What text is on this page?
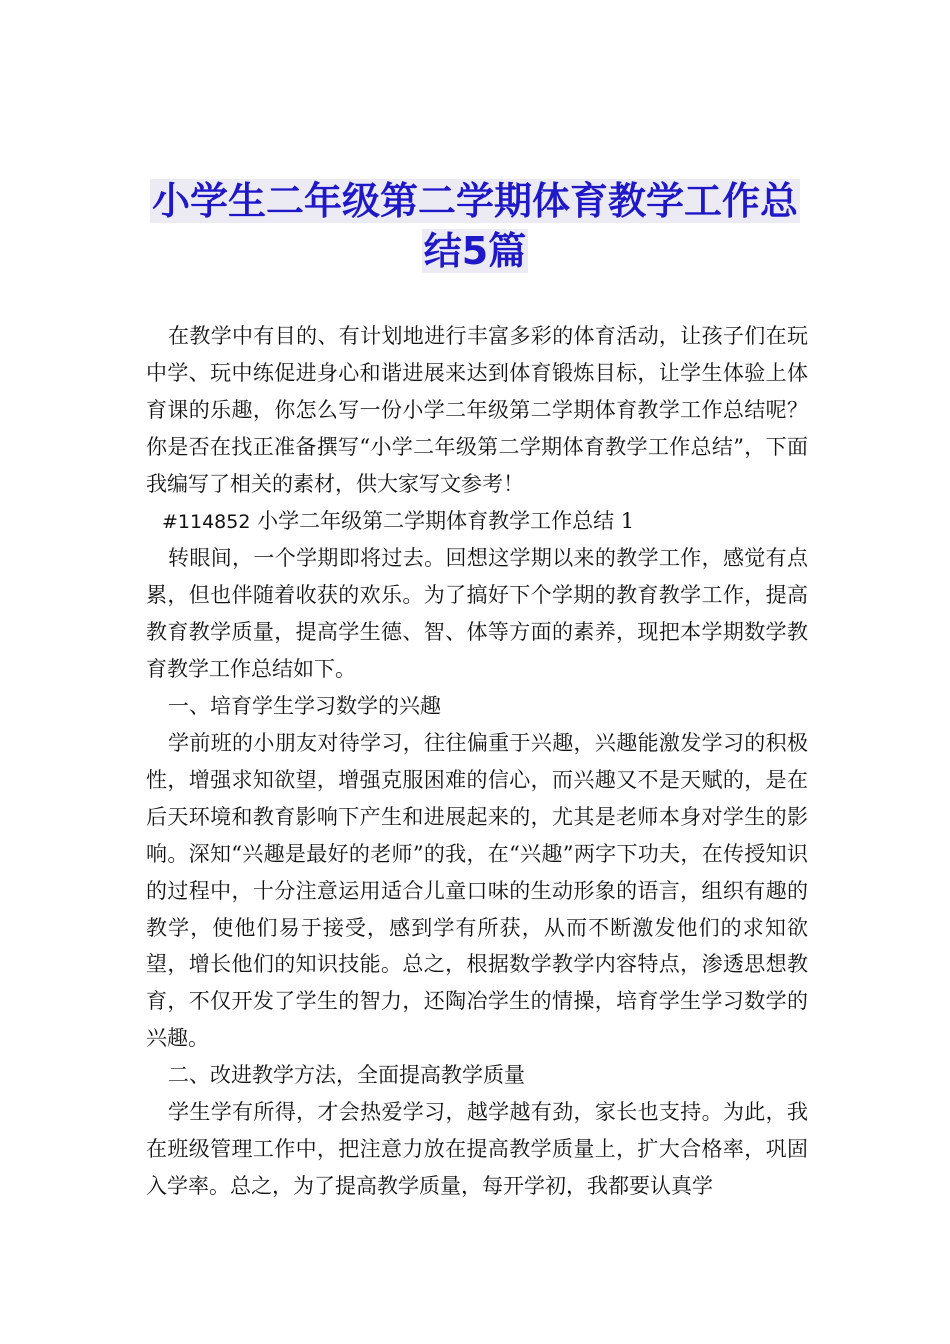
小学生二年级第二学期体育教学工作总
结5篇

在教学中有目的、有计划地进行丰富多彩的体育活动，让孩子们在玩中学、玩中练促进身心和谐进展来达到体育锻炼目标，让学生体验上体育课的乐趣，你怎么写一份小学二年级第二学期体育教学工作总结呢？你是否在找正准备撰写“小学二年级第二学期体育教学工作总结”，下面我编写了相关的素材，供大家写文参考！

#114852 小学二年级第二学期体育教学工作总结 1

转眼间，一个学期即将过去。回想这学期以来的教学工作，感觉有点累，但也伴随着收获的欢乐。为了搞好下个学期的教育教学工作，提高教育教学质量，提高学生德、智、体等方面的素养，现把本学期数学教育教学工作总结如下。

一、培育学生学习数学的兴趣

学前班的小朋友对待学习，往往偏重于兴趣，兴趣能激发学习的积极性，增强求知欲望，增强克服困难的信心，而兴趣又不是天赋的，是在后天环境和教育影响下产生和进展起来的，尤其是老师本身对学生的影响。深知“兴趣是最好的老师”的我，在“兴趣”两字下功夫，在传授知识的过程中，十分注意运用适合儿童口味的生动形象的语言，组织有趣的教学，使他们易于接受，感到学有所获，从而不断激发他们的求知欲望，增长他们的知识技能。总之，根据数学教学内容特点，渗透思想教育，不仅开发了学生的智力，还陶冶学生的情操，培育学生学习数学的兴趣。

二、改进教学方法，全面提高教学质量

学生学有所得，才会热爱学习，越学越有劲，家长也支持。为此，我在班级管理工作中，把注意力放在提高教学质量上，扩大合格率，巩固入学率。总之，为了提高教学质量，每开学初，我都要认真学
